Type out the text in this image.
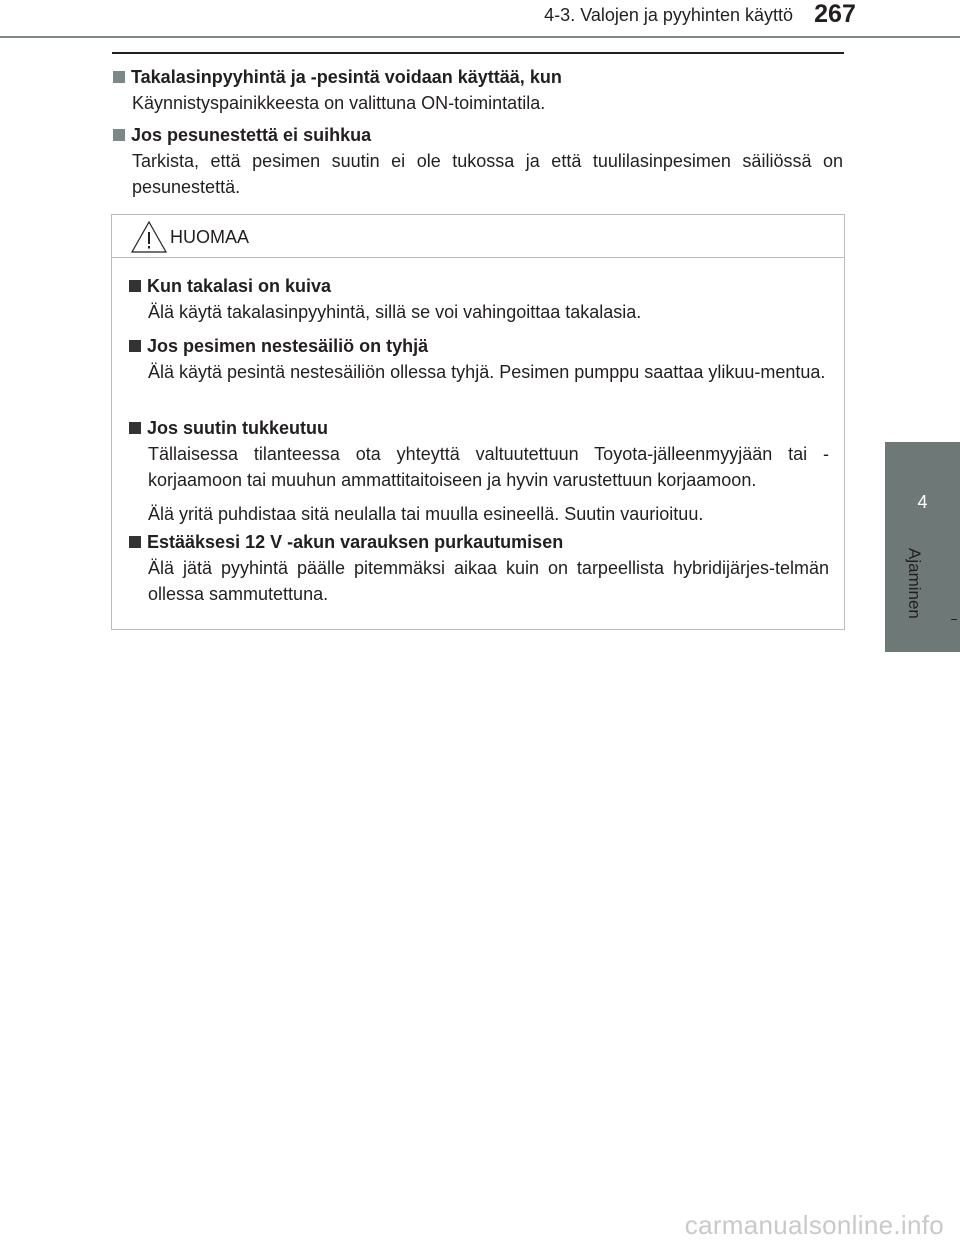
4-3. Valojen ja pyyhinten käyttö 267
4
Ajaminen
Takalasinpyyhintä ja -pesintä voidaan käyttää, kun
Käynnistyspainikkeesta on valittuna ON-toimintatila.
Jos pesunestettä ei suihkua
Tarkista, että pesimen suutin ei ole tukossa ja että tuulilasinpesimen säiliössä on pesunestettä.
HUOMAA
Kun takalasi on kuiva
Älä käytä takalasinpyyhintä, sillä se voi vahingoittaa takalasia.
Jos pesimen nestesäiliö on tyhjä
Älä käytä pesintä nestesäiliön ollessa tyhjä. Pesimen pumppu saattaa ylikuu-mentua.
Jos suutin tukkeutuu
Tällaisessa tilanteessa ota yhteyttä valtuutettuun Toyota-jälleenmyyjään tai -korjaamoon tai muuhun ammattitaitoiseen ja hyvin varustettuun korjaamoon.
Älä yritä puhdistaa sitä neulalla tai muulla esineellä. Suutin vaurioituu.
Estääksesi 12 V -akun varauksen purkautumisen
Älä jätä pyyhintä päälle pitemmäksi aikaa kuin on tarpeellista hybridijärjes-telmän ollessa sammutettuna.
carmanualsonline.info
